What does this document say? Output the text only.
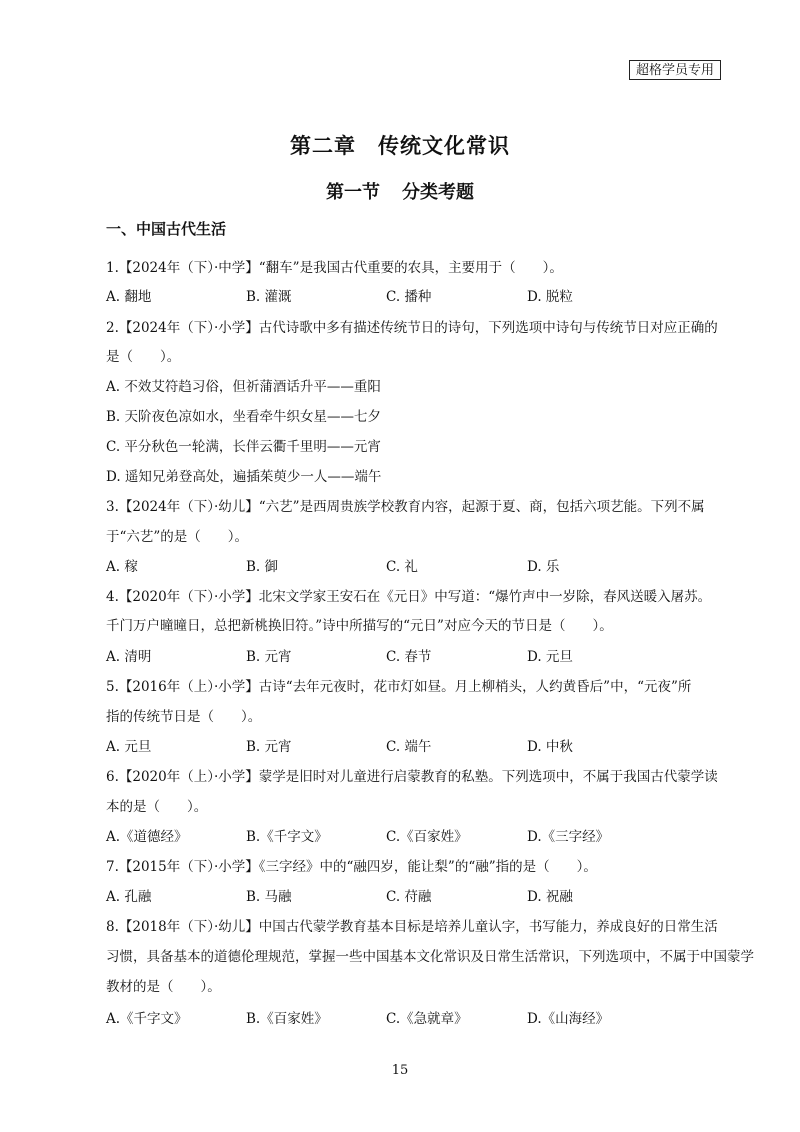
超格学员专用
第二章 传统文化常识
第一节 分类考题
一、中国古代生活
1.【2024年（下）·中学】“翻车”是我国古代重要的农具，主要用于（　　）。
A. 翻地	B. 灌溉	C. 播种	D. 脱粒
2.【2024年（下）·小学】古代诗歌中多有描述传统节日的诗句，下列选项中诗句与传统节日对应正确的
是（　　）。
A. 不效艾符趋习俗，但祈蒲酒话升平——重阳
B. 天阶夜色凉如水，坐看牵牛织女星——七夕
C. 平分秋色一轮满，长伴云衢千里明——元宵
D. 遥知兄弟登高处，遍插茱萸少一人——端午
3.【2024年（下）·幼儿】“六艺”是西周贵族学校教育内容，起源于夏、商，包括六项艺能。下列不属
于“六艺”的是（　　）。
A. 稼	B. 御	C. 礼	D. 乐
4.【2020年（下）·小学】北宋文学家王安石在《元日》中写道：“爆竹声中一岁除，春风送暖入屠苏。
千门万户曈曈日，总把新桃换旧符。”诗中所描写的“元日”对应今天的节日是（　　）。
A. 清明	B. 元宵	C. 春节	D. 元旦
5.【2016年（上）·小学】古诗“去年元夜时，花市灯如昼。月上柳梢头，人约黄昏后”中，“元夜”所
指的传统节日是（　　）。
A. 元旦	B. 元宵	C. 端午	D. 中秋
6.【2020年（上）·小学】蒙学是旧时对儿童进行启蒙教育的私塾。下列选项中，不属于我国古代蒙学读
本的是（　　）。
A.《道德经》	B.《千字文》	C.《百家姓》	D.《三字经》
7.【2015年（下）·小学】《三字经》中的“融四岁，能让梨”的“融”指的是（　　）。
A. 孔融	B. 马融	C. 苻融	D. 祝融
8.【2018年（下）·幼儿】中国古代蒙学教育基本目标是培养儿童认字，书写能力，养成良好的日常生活
习惯，具备基本的道德伦理规范，掌握一些中国基本文化常识及日常生活常识，下列选项中，不属于中国蒙学
教材的是（　　）。
A.《千字文》	B.《百家姓》	C.《急就章》	D.《山海经》
15
